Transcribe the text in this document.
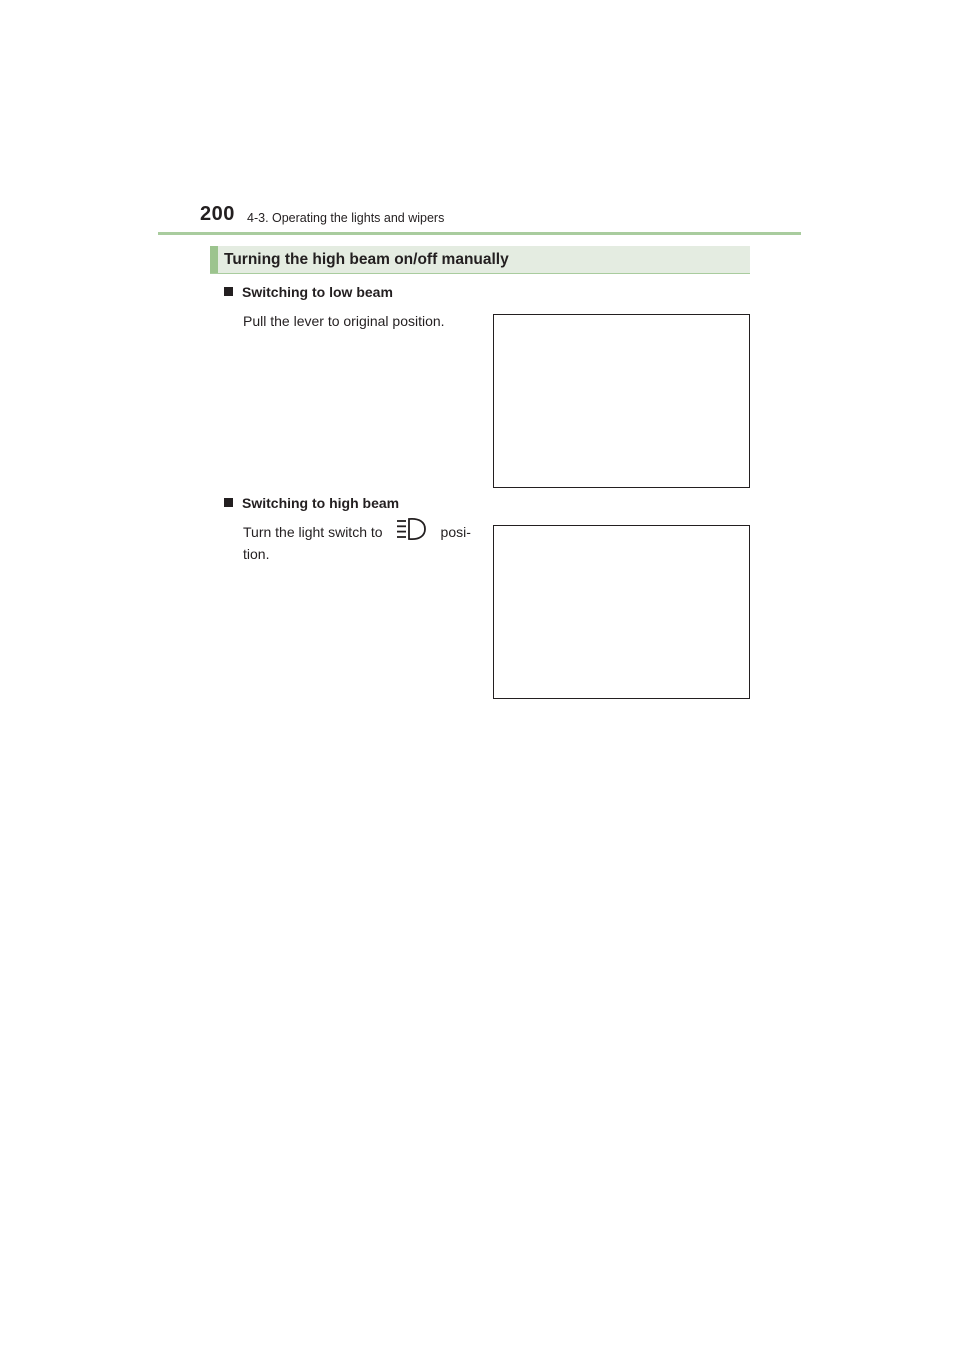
200 4-3. Operating the lights and wipers
Turning the high beam on/off manually
Switching to low beam
Pull the lever to original position.
Switching to high beam
Turn the light switch to	posi-
tion.
